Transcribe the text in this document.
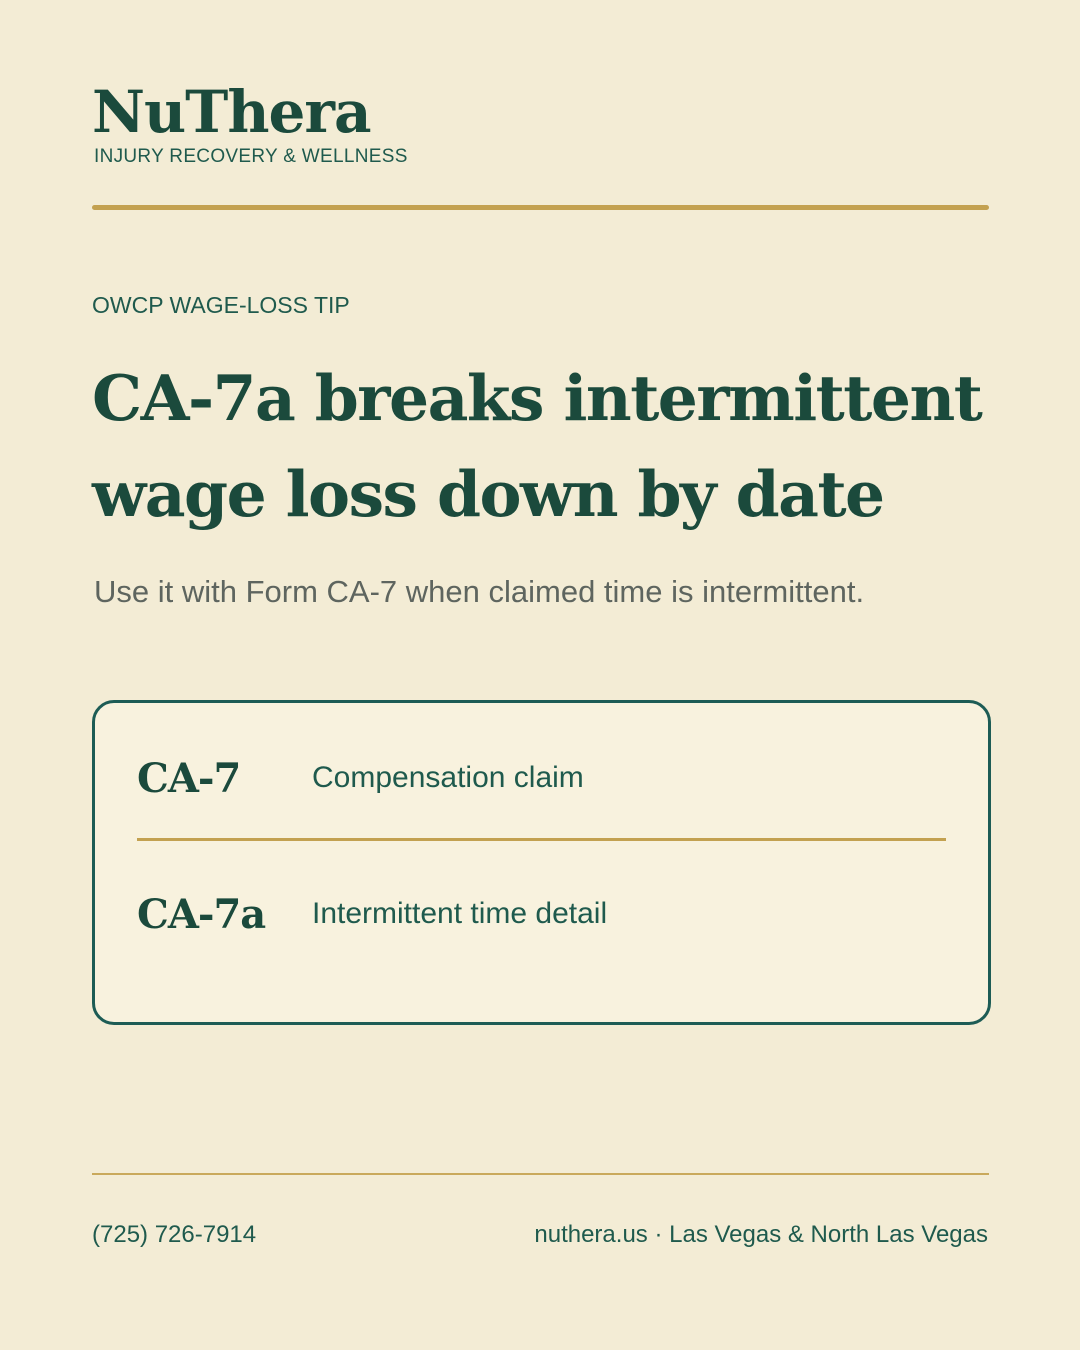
NuThera
INJURY RECOVERY & WELLNESS
OWCP WAGE-LOSS TIP
CA-7a breaks intermittent
wage loss down by date
Use it with Form CA-7 when claimed time is intermittent.
CA-7	Compensation claim
CA-7a	Intermittent time detail
(725) 726-7914	nuthera.us · Las Vegas & North Las Vegas
